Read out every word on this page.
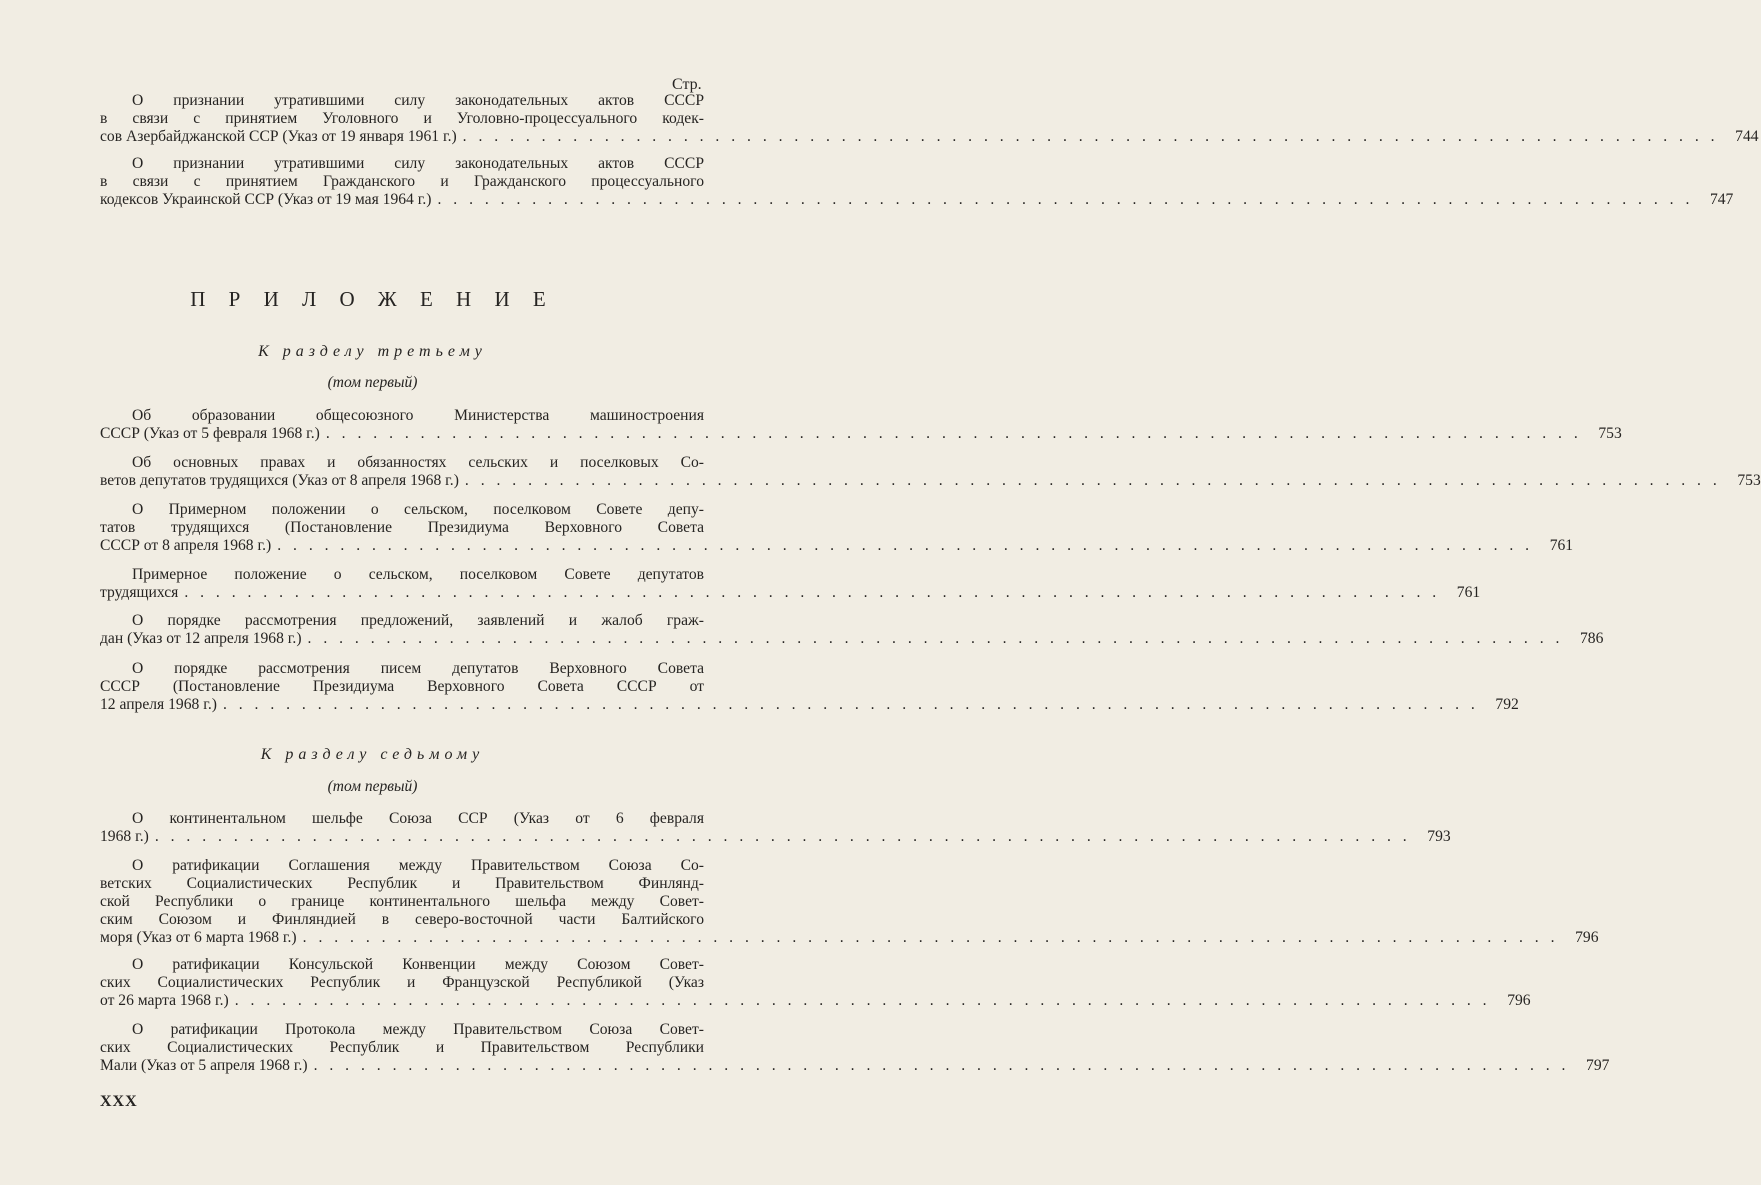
Стр.
О признании утратившими силу законодательных актов СССР
в связи с принятием Уголовного и Уголовно-процессуального кодек-
сов Азербайджанской ССР (Указ от 19 января 1961 г.) . . . . . . . . . . . . . . . . . . . . . . . . . . . . . . . . . . . . . . . . . . . . . . . . . . . . . . . . . . . . . . . . . . . . . . . . . . . . . . . .	744
О признании утратившими силу законодательных актов СССР
в связи с принятием Гражданского и Гражданского процессуального
кодексов Украинской ССР (Указ от 19 мая 1964 г.) . . . . . . . . . . . . . . . . . . . . . . . . . . . . . . . . . . . . . . . . . . . . . . . . . . . . . . . . . . . . . . . . . . . . . . . . . . . . . . . .	747
П Р И Л О Ж Е Н И Е
К разделу третьему
(том первый)
Об образовании общесоюзного Министерства машиностроения
СССР (Указ от 5 февраля 1968 г.) . . . . . . . . . . . . . . . . . . . . . . . . . . . . . . . . . . . . . . . . . . . . . . . . . . . . . . . . . . . . . . . . . . . . . . . . . . . . . . . .	753
Об основных правах и обязанностях сельских и поселковых Со-
ветов депутатов трудящихся (Указ от 8 апреля 1968 г.) . . . . . . . . . . . . . . . . . . . . . . . . . . . . . . . . . . . . . . . . . . . . . . . . . . . . . . . . . . . . . . . . . . . . . . . . . . . . . . . .	753
О Примерном положении о сельском, поселковом Совете депу-
татов трудящихся (Постановление Президиума Верховного Совета
СССР от 8 апреля 1968 г.) . . . . . . . . . . . . . . . . . . . . . . . . . . . . . . . . . . . . . . . . . . . . . . . . . . . . . . . . . . . . . . . . . . . . . . . . . . . . . . . .	761
Примерное положение о сельском, поселковом Совете депутатов
трудящихся . . . . . . . . . . . . . . . . . . . . . . . . . . . . . . . . . . . . . . . . . . . . . . . . . . . . . . . . . . . . . . . . . . . . . . . . . . . . . . . .	761
О порядке рассмотрения предложений, заявлений и жалоб граж-
дан (Указ от 12 апреля 1968 г.) . . . . . . . . . . . . . . . . . . . . . . . . . . . . . . . . . . . . . . . . . . . . . . . . . . . . . . . . . . . . . . . . . . . . . . . . . . . . . . . .	786
О порядке рассмотрения писем депутатов Верховного Совета
СССР (Постановление Президиума Верховного Совета СССР от
12 апреля 1968 г.) . . . . . . . . . . . . . . . . . . . . . . . . . . . . . . . . . . . . . . . . . . . . . . . . . . . . . . . . . . . . . . . . . . . . . . . . . . . . . . . .	792
К разделу седьмому
(том первый)
О континентальном шельфе Союза ССР (Указ от 6 февраля
1968 г.) . . . . . . . . . . . . . . . . . . . . . . . . . . . . . . . . . . . . . . . . . . . . . . . . . . . . . . . . . . . . . . . . . . . . . . . . . . . . . . . .	793
О ратификации Соглашения между Правительством Союза Со-
ветских Социалистических Республик и Правительством Финлянд-
ской Республики о границе континентального шельфа между Совет-
ским Союзом и Финляндией в северо-восточной части Балтийского
моря (Указ от 6 марта 1968 г.) . . . . . . . . . . . . . . . . . . . . . . . . . . . . . . . . . . . . . . . . . . . . . . . . . . . . . . . . . . . . . . . . . . . . . . . . . . . . . . . .	796
О ратификации Консульской Конвенции между Союзом Совет-
ских Социалистических Республик и Французской Республикой (Указ
от 26 марта 1968 г.) . . . . . . . . . . . . . . . . . . . . . . . . . . . . . . . . . . . . . . . . . . . . . . . . . . . . . . . . . . . . . . . . . . . . . . . . . . . . . . . .	796
О ратификации Протокола между Правительством Союза Совет-
ских Социалистических Республик и Правительством Республики
Мали (Указ от 5 апреля 1968 г.) . . . . . . . . . . . . . . . . . . . . . . . . . . . . . . . . . . . . . . . . . . . . . . . . . . . . . . . . . . . . . . . . . . . . . . . . . . . . . . . .	797
XXX
